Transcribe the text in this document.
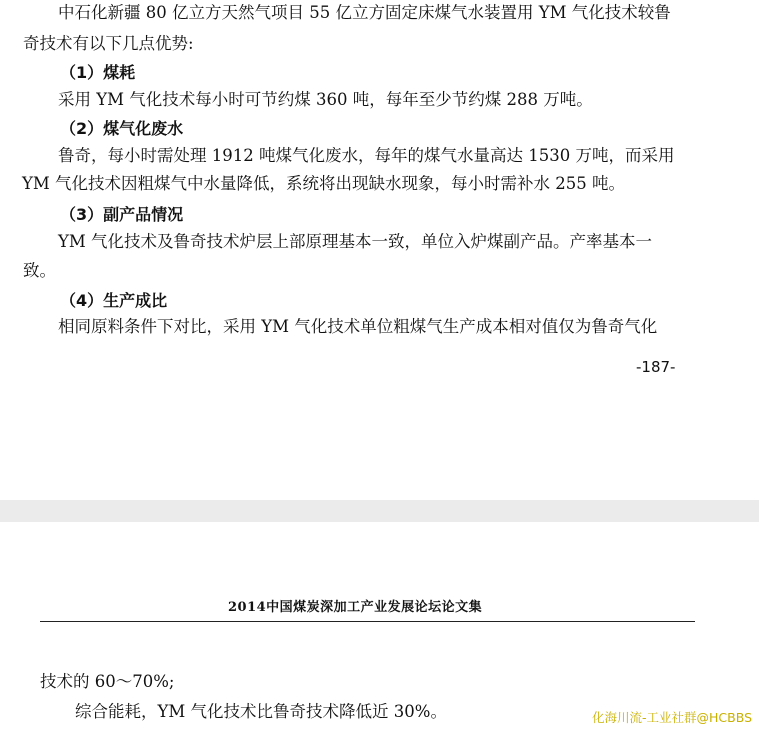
中石化新疆 80 亿立方天然气项目 55 亿立方固定床煤气水装置用 YM 气化技术较鲁
奇技术有以下几点优势:
（1）煤耗
采用 YM 气化技术每小时可节约煤 360 吨，每年至少节约煤 288 万吨。
（2）煤气化废水
鲁奇，每小时需处理 1912 吨煤气化废水，每年的煤气水量高达 1530 万吨，而采用
YM 气化技术因粗煤气中水量降低，系统将出现缺水现象，每小时需补水 255 吨。
（3）副产品情况
YM 气化技术及鲁奇技术炉层上部原理基本一致，单位入炉煤副产品。产率基本一
致。
（4）生产成比
相同原料条件下对比，采用 YM 气化技术单位粗煤气生产成本相对值仅为鲁奇气化
-187-
2014中国煤炭深加工产业发展论坛论文集
技术的 60～70%;
综合能耗，YM 气化技术比鲁奇技术降低近 30%。	化海川流-工业社群@HCBBS
